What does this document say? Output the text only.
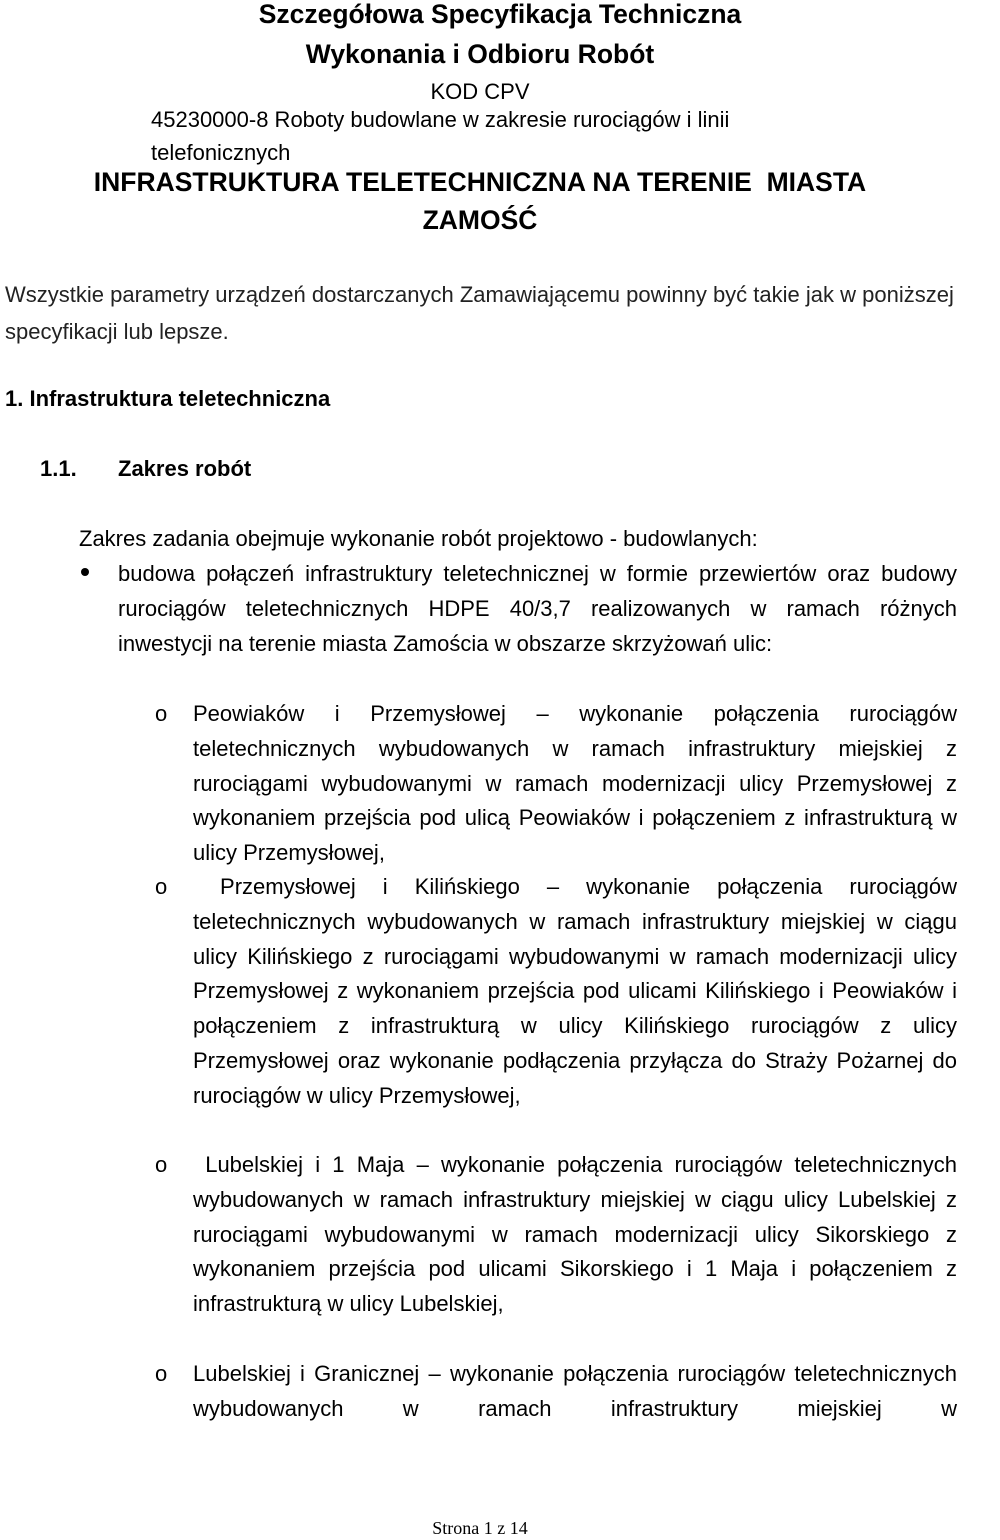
Szczegółowa Specyfikacja Techniczna
Wykonania i Odbioru Robót
KOD CPV
45230000-8 Roboty budowlane w zakresie rurociągów i linii telefonicznych
INFRASTRUKTURA TELETECHNICZNA NA TERENIE  MIASTA
ZAMOŚĆ
Wszystkie parametry urządzeń dostarczanych Zamawiającemu powinny być takie jak w poniższej specyfikacji lub lepsze.
1. Infrastruktura teletechniczna
1.1. Zakres robót
Zakres zadania obejmuje wykonanie robót projektowo - budowlanych:
budowa połączeń infrastruktury teletechnicznej w formie przewiertów oraz budowy rurociągów teletechnicznych HDPE 40/3,7 realizowanych w ramach różnych inwestycji na terenie miasta Zamościa w obszarze skrzyżowań ulic:
o Peowiaków i Przemysłowej – wykonanie połączenia rurociągów teletechnicznych wybudowanych w ramach infrastruktury miejskiej z rurociągami wybudowanymi w ramach modernizacji ulicy Przemysłowej z wykonaniem przejścia pod ulicą Peowiaków i połączeniem z infrastrukturą w ulicy Przemysłowej,
o Przemysłowej i Kilińskiego – wykonanie połączenia rurociągów teletechnicznych wybudowanych w ramach infrastruktury miejskiej w ciągu ulicy Kilińskiego z rurociągami wybudowanymi w ramach modernizacji ulicy Przemysłowej z wykonaniem przejścia pod ulicami Kilińskiego i Peowiaków i połączeniem z infrastrukturą w ulicy Kilińskiego rurociągów z ulicy Przemysłowej oraz wykonanie podłączenia przyłącza do Straży Pożarnej do rurociągów w ulicy Przemysłowej,
o Lubelskiej i 1 Maja – wykonanie połączenia rurociągów teletechnicznych wybudowanych w ramach infrastruktury miejskiej w ciągu ulicy Lubelskiej z rurociągami wybudowanymi w ramach modernizacji ulicy Sikorskiego z wykonaniem przejścia pod ulicami Sikorskiego i 1 Maja i połączeniem z infrastrukturą w ulicy Lubelskiej,
o Lubelskiej i Granicznej – wykonanie połączenia rurociągów teletechnicznych wybudowanych w ramach infrastruktury miejskiej w
Strona 1 z 14
